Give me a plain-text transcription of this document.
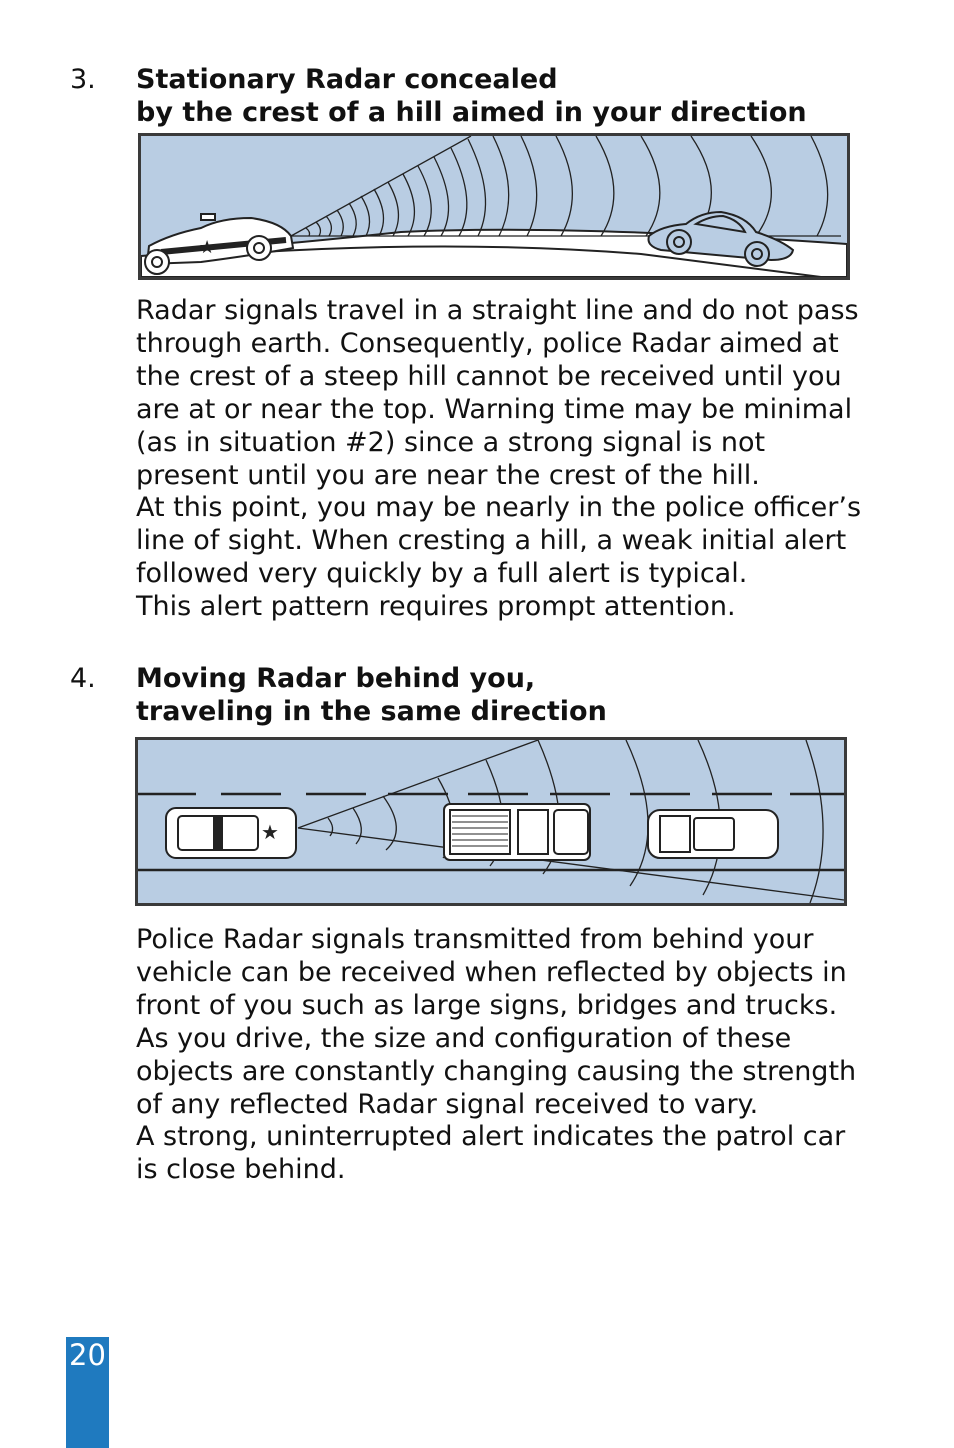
3. Stationary Radar concealed
by the crest of a hill aimed in your direction
★
Radar signals travel in a straight line and do not pass
through earth. Consequently, police Radar aimed at
the crest of a steep hill cannot be received until you
are at or near the top. Warning time may be minimal
(as in situation #2) since a strong signal is not
present until you are near the crest of the hill.
At this point, you may be nearly in the police officer’s
line of sight. When cresting a hill, a weak initial alert
followed very quickly by a full alert is typical.
This alert pattern requires prompt attention.
4. Moving Radar behind you,
traveling in the same direction
★
Police Radar signals transmitted from behind your
vehicle can be received when reflected by objects in
front of you such as large signs, bridges and trucks.
As you drive, the size and configuration of these
objects are constantly changing causing the strength
of any reflected Radar signal received to vary.
A strong, uninterrupted alert indicates the patrol car
is close behind.
20
